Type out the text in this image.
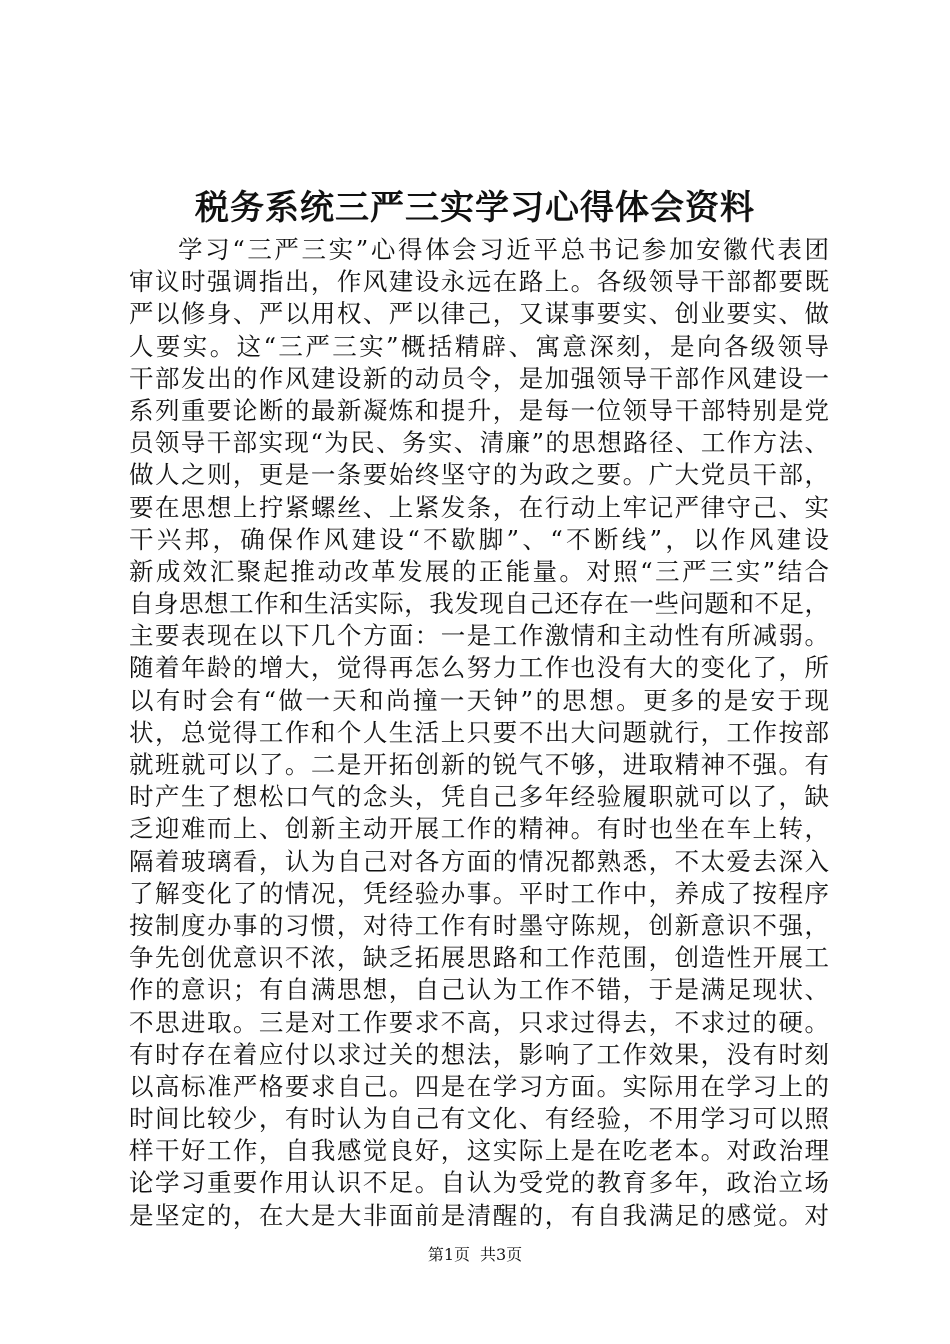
税务系统三严三实学习心得体会资料
学习“三严三实”心得体会习近平总书记参加安徽代表团
审议时强调指出，作风建设永远在路上。各级领导干部都要既
严以修身、严以用权、严以律己，又谋事要实、创业要实、做
人要实。这“三严三实”概括精辟、寓意深刻，是向各级领导
干部发出的作风建设新的动员令，是加强领导干部作风建设一
系列重要论断的最新凝炼和提升，是每一位领导干部特别是党
员领导干部实现“为民、务实、清廉”的思想路径、工作方法、
做人之则，更是一条要始终坚守的为政之要。广大党员干部，
要在思想上拧紧螺丝、上紧发条，在行动上牢记严律守己、实
干兴邦，确保作风建设“不歇脚”、“不断线”，以作风建设
新成效汇聚起推动改革发展的正能量。对照“三严三实”结合
自身思想工作和生活实际，我发现自己还存在一些问题和不足，
主要表现在以下几个方面：一是工作激情和主动性有所减弱。
随着年龄的增大，觉得再怎么努力工作也没有大的变化了，所
以有时会有“做一天和尚撞一天钟”的思想。更多的是安于现
状，总觉得工作和个人生活上只要不出大问题就行，工作按部
就班就可以了。二是开拓创新的锐气不够，进取精神不强。有
时产生了想松口气的念头，凭自己多年经验履职就可以了，缺
乏迎难而上、创新主动开展工作的精神。有时也坐在车上转，
隔着玻璃看，认为自己对各方面的情况都熟悉，不太爱去深入
了解变化了的情况，凭经验办事。平时工作中，养成了按程序
按制度办事的习惯，对待工作有时墨守陈规，创新意识不强，
争先创优意识不浓，缺乏拓展思路和工作范围，创造性开展工
作的意识；有自满思想，自己认为工作不错，于是满足现状、
不思进取。三是对工作要求不高，只求过得去，不求过的硬。
有时存在着应付以求过关的想法，影响了工作效果，没有时刻
以高标准严格要求自己。四是在学习方面。实际用在学习上的
时间比较少，有时认为自己有文化、有经验，不用学习可以照
样干好工作，自我感觉良好，这实际上是在吃老本。对政治理
论学习重要作用认识不足。自认为受党的教育多年，政治立场
是坚定的，在大是大非面前是清醒的，有自我满足的感觉。对
第1页 共3页
